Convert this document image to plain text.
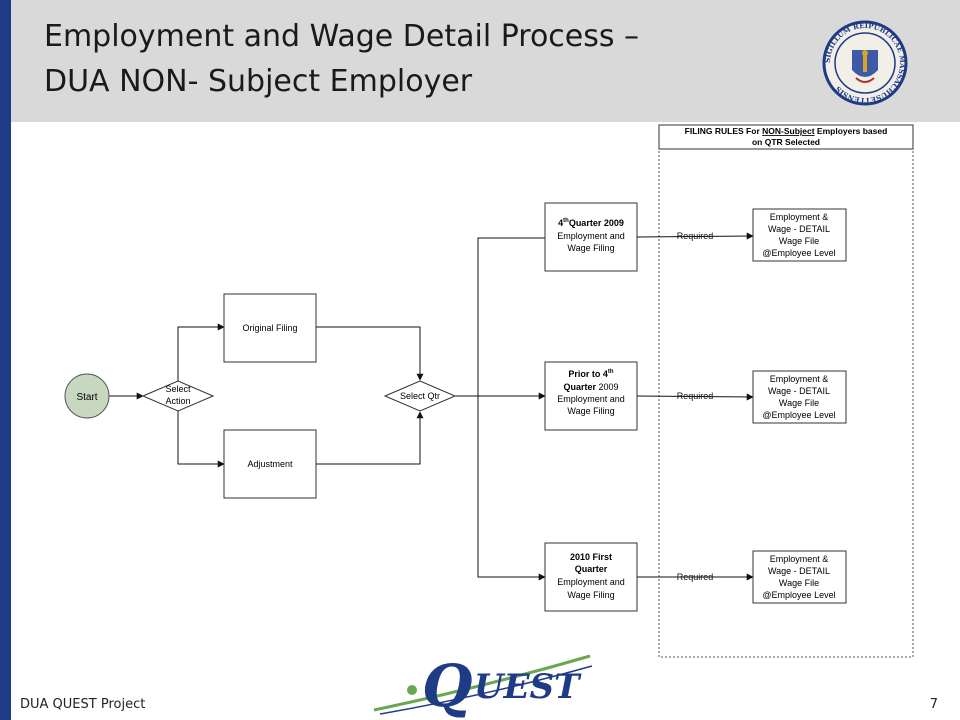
Employment and Wage Detail Process –
DUA NON- Subject Employer
SIGILLUM REIPUBLICAE MASSACHUSETTENSIS
FILING RULES For NON-Subject Employers based
on QTR Selected
Start
Select
Action
Original Filing
Adjustment
Select Qtr
4thQuarter 2009
Employment and
Wage Filing
Prior to 4th
Quarter 2009
Employment and
Wage Filing
2010 First
Quarter
Employment and
Wage Filing
Required
Required
Required
Employment &
Wage - DETAIL
Wage File
@Employee Level
Employment &
Wage - DETAIL
Wage File
@Employee Level
Employment &
Wage - DETAIL
Wage File
@Employee Level
Q UEST
DUA QUEST Project	7
